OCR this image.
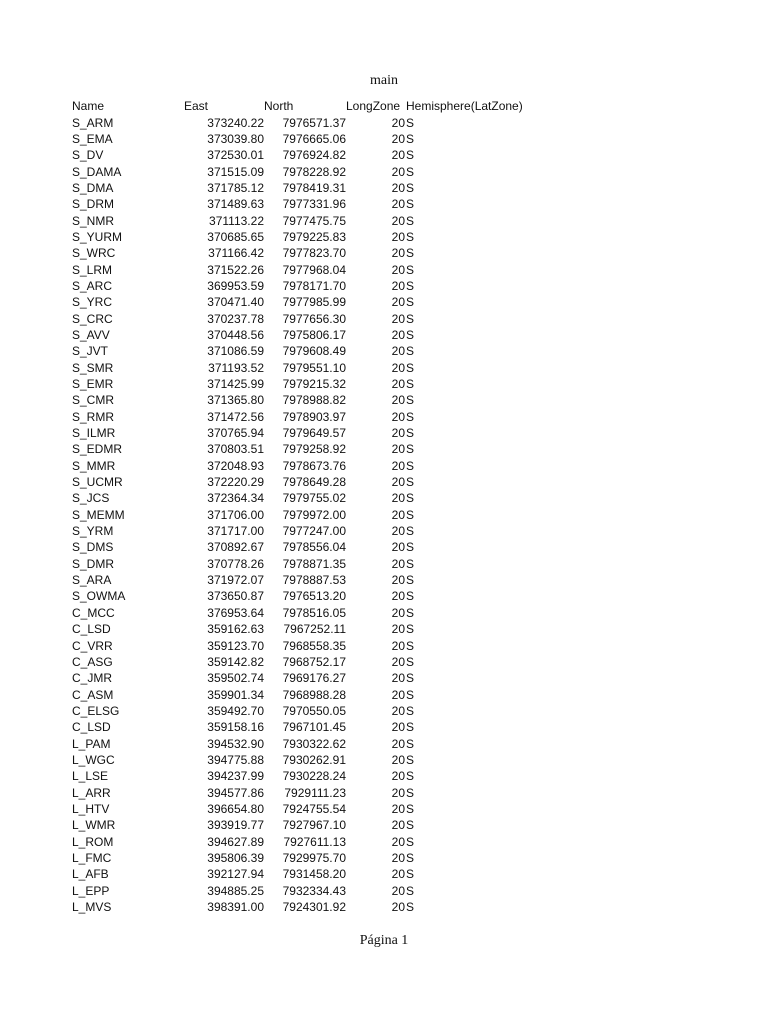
main
Name	East	North	LongZone	Hemisphere(LatZone)
S_ARM	373240.22	7976571.37	20	S
S_EMA	373039.80	7976665.06	20	S
S_DV	372530.01	7976924.82	20	S
S_DAMA	371515.09	7978228.92	20	S
S_DMA	371785.12	7978419.31	20	S
S_DRM	371489.63	7977331.96	20	S
S_NMR	371113.22	7977475.75	20	S
S_YURM	370685.65	7979225.83	20	S
S_WRC	371166.42	7977823.70	20	S
S_LRM	371522.26	7977968.04	20	S
S_ARC	369953.59	7978171.70	20	S
S_YRC	370471.40	7977985.99	20	S
S_CRC	370237.78	7977656.30	20	S
S_AVV	370448.56	7975806.17	20	S
S_JVT	371086.59	7979608.49	20	S
S_SMR	371193.52	7979551.10	20	S
S_EMR	371425.99	7979215.32	20	S
S_CMR	371365.80	7978988.82	20	S
S_RMR	371472.56	7978903.97	20	S
S_ILMR	370765.94	7979649.57	20	S
S_EDMR	370803.51	7979258.92	20	S
S_MMR	372048.93	7978673.76	20	S
S_UCMR	372220.29	7978649.28	20	S
S_JCS	372364.34	7979755.02	20	S
S_MEMM	371706.00	7979972.00	20	S
S_YRM	371717.00	7977247.00	20	S
S_DMS	370892.67	7978556.04	20	S
S_DMR	370778.26	7978871.35	20	S
S_ARA	371972.07	7978887.53	20	S
S_OWMA	373650.87	7976513.20	20	S
C_MCC	376953.64	7978516.05	20	S
C_LSD	359162.63	7967252.11	20	S
C_VRR	359123.70	7968558.35	20	S
C_ASG	359142.82	7968752.17	20	S
C_JMR	359502.74	7969176.27	20	S
C_ASM	359901.34	7968988.28	20	S
C_ELSG	359492.70	7970550.05	20	S
C_LSD	359158.16	7967101.45	20	S
L_PAM	394532.90	7930322.62	20	S
L_WGC	394775.88	7930262.91	20	S
L_LSE	394237.99	7930228.24	20	S
L_ARR	394577.86	7929111.23	20	S
L_HTV	396654.80	7924755.54	20	S
L_WMR	393919.77	7927967.10	20	S
L_ROM	394627.89	7927611.13	20	S
L_FMC	395806.39	7929975.70	20	S
L_AFB	392127.94	7931458.20	20	S
L_EPP	394885.25	7932334.43	20	S
L_MVS	398391.00	7924301.92	20	S
Página 1
